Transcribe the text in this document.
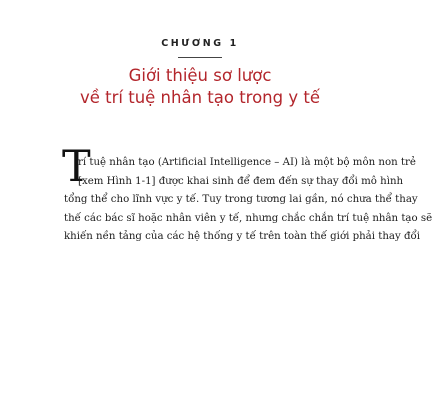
CHƯƠNG 1
Giới thiệu sơ lược
về trí tuệ nhân tạo trong y tế
T
rí tuệ nhân tạo (Artificial Intelligence – AI) là một bộ môn non trẻ
[xem Hình 1-1] được khai sinh để đem đến sự thay đổi mô hình
tổng thể cho lĩnh vực y tế. Tuy trong tương lai gần, nó chưa thể thay
thế các bác sĩ hoặc nhân viên y tế, nhưng chắc chắn trí tuệ nhân tạo sẽ
khiến nền tảng của các hệ thống y tế trên toàn thế giới phải thay đổi
